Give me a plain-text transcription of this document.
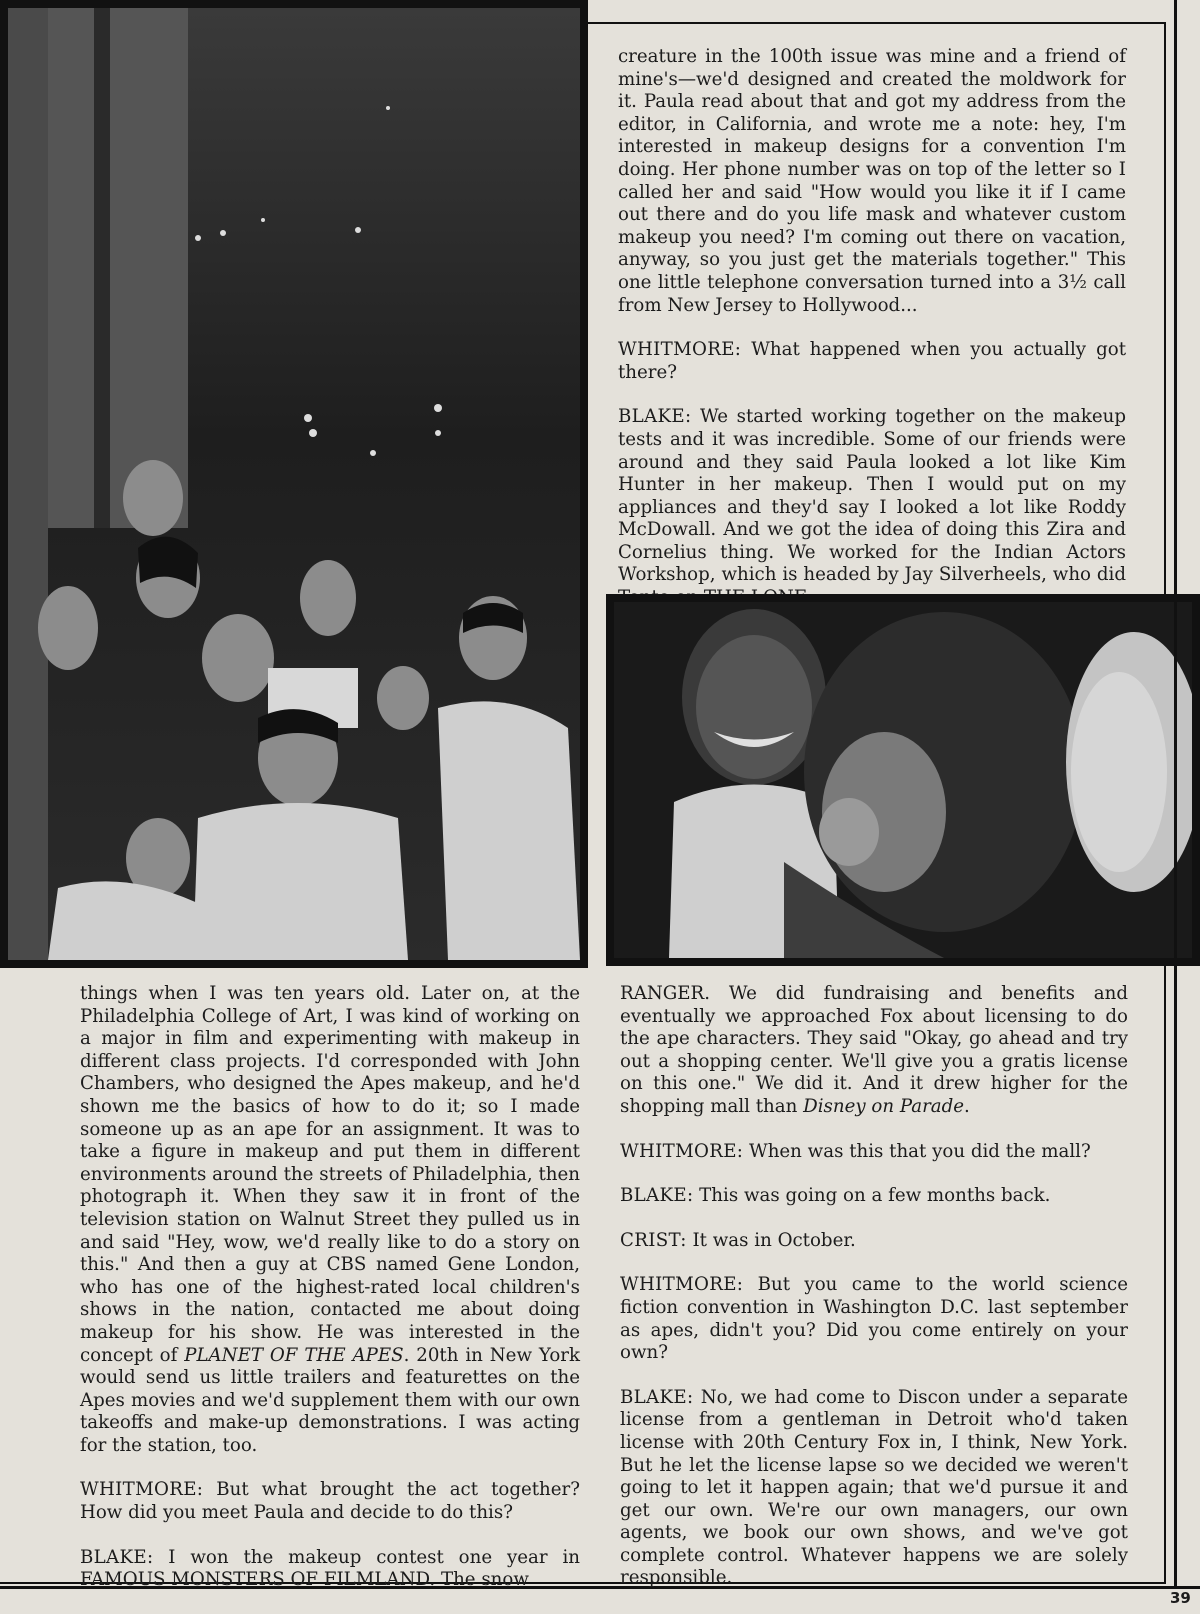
creature in the 100th issue was mine and a friend of mine's—we'd designed and created the moldwork for it. Paula read about that and got my address from the editor, in California, and wrote me a note: hey, I'm interested in makeup designs for a convention I'm doing. Her phone number was on top of the letter so I called her and said "How would you like it if I came out there and do you life mask and whatever custom makeup you need? I'm coming out there on vacation, anyway, so you just get the materials together." This one little telephone conversation turned into a 3½ call from New Jersey to Hollywood...

WHITMORE: What happened when you actually got there?

BLAKE: We started working together on the makeup tests and it was incredible. Some of our friends were around and they said Paula looked a lot like Kim Hunter in her makeup. Then I would put on my appliances and they'd say I looked a lot like Roddy McDowall. And we got the idea of doing this Zira and Cornelius thing. We worked for the Indian Actors Workshop, which is headed by Jay Silverheels, who did

things when I was ten years old. Later on, at the Philadelphia College of Art, I was kind of working on a major in film and experimenting with makeup in different class projects. I'd corresponded with John Chambers, who designed the Apes makeup, and he'd shown me the basics of how to do it; so I made someone up as an ape for an assignment. It was to take a figure in makeup and put them in different environments around the streets of Philadelphia, then photograph it. When they saw it in front of the television station on Walnut Street they pulled us in and said "Hey, wow, we'd really like to do a story on this." And then a guy at CBS named Gene London, who has one of the highest-rated local children's shows in the nation, contacted me about doing makeup for his show. He was interested in the concept of PLANET OF THE APES. 20th in New York would send us little trailers and featurettes on the Apes movies and we'd supplement them with our own takeoffs and make-up demonstrations. I was acting for the station, too.

WHITMORE: But what brought the act together? How did you meet Paula and decide to do this?

BLAKE: I won the makeup contest one year in FAMOUS MONSTERS OF FILMLAND. The snow

RANGER. We did fundraising and benefits and eventually we approached Fox about licensing to do the ape characters. They said "Okay, go ahead and try out a shopping center. We'll give you a gratis license on this one." We did it. And it drew higher for the shopping mall than Disney on Parade.

WHITMORE: When was this that you did the mall?

BLAKE: This was going on a few months back.

CRIST: It was in October.

WHITMORE: But you came to the world science fiction convention in Washington D.C. last september as apes, didn't you? Did you come entirely on your own?

BLAKE: No, we had come to Discon under a separate license from a gentleman in Detroit who'd taken license with 20th Century Fox in, I think, New York. But he let the license lapse so we decided we weren't going to let it happen again; that we'd pursue it and get our own. We're our own managers, our own agents, we book our own shows, and we've got complete control. Whatever happens we are solely responsible.

39
